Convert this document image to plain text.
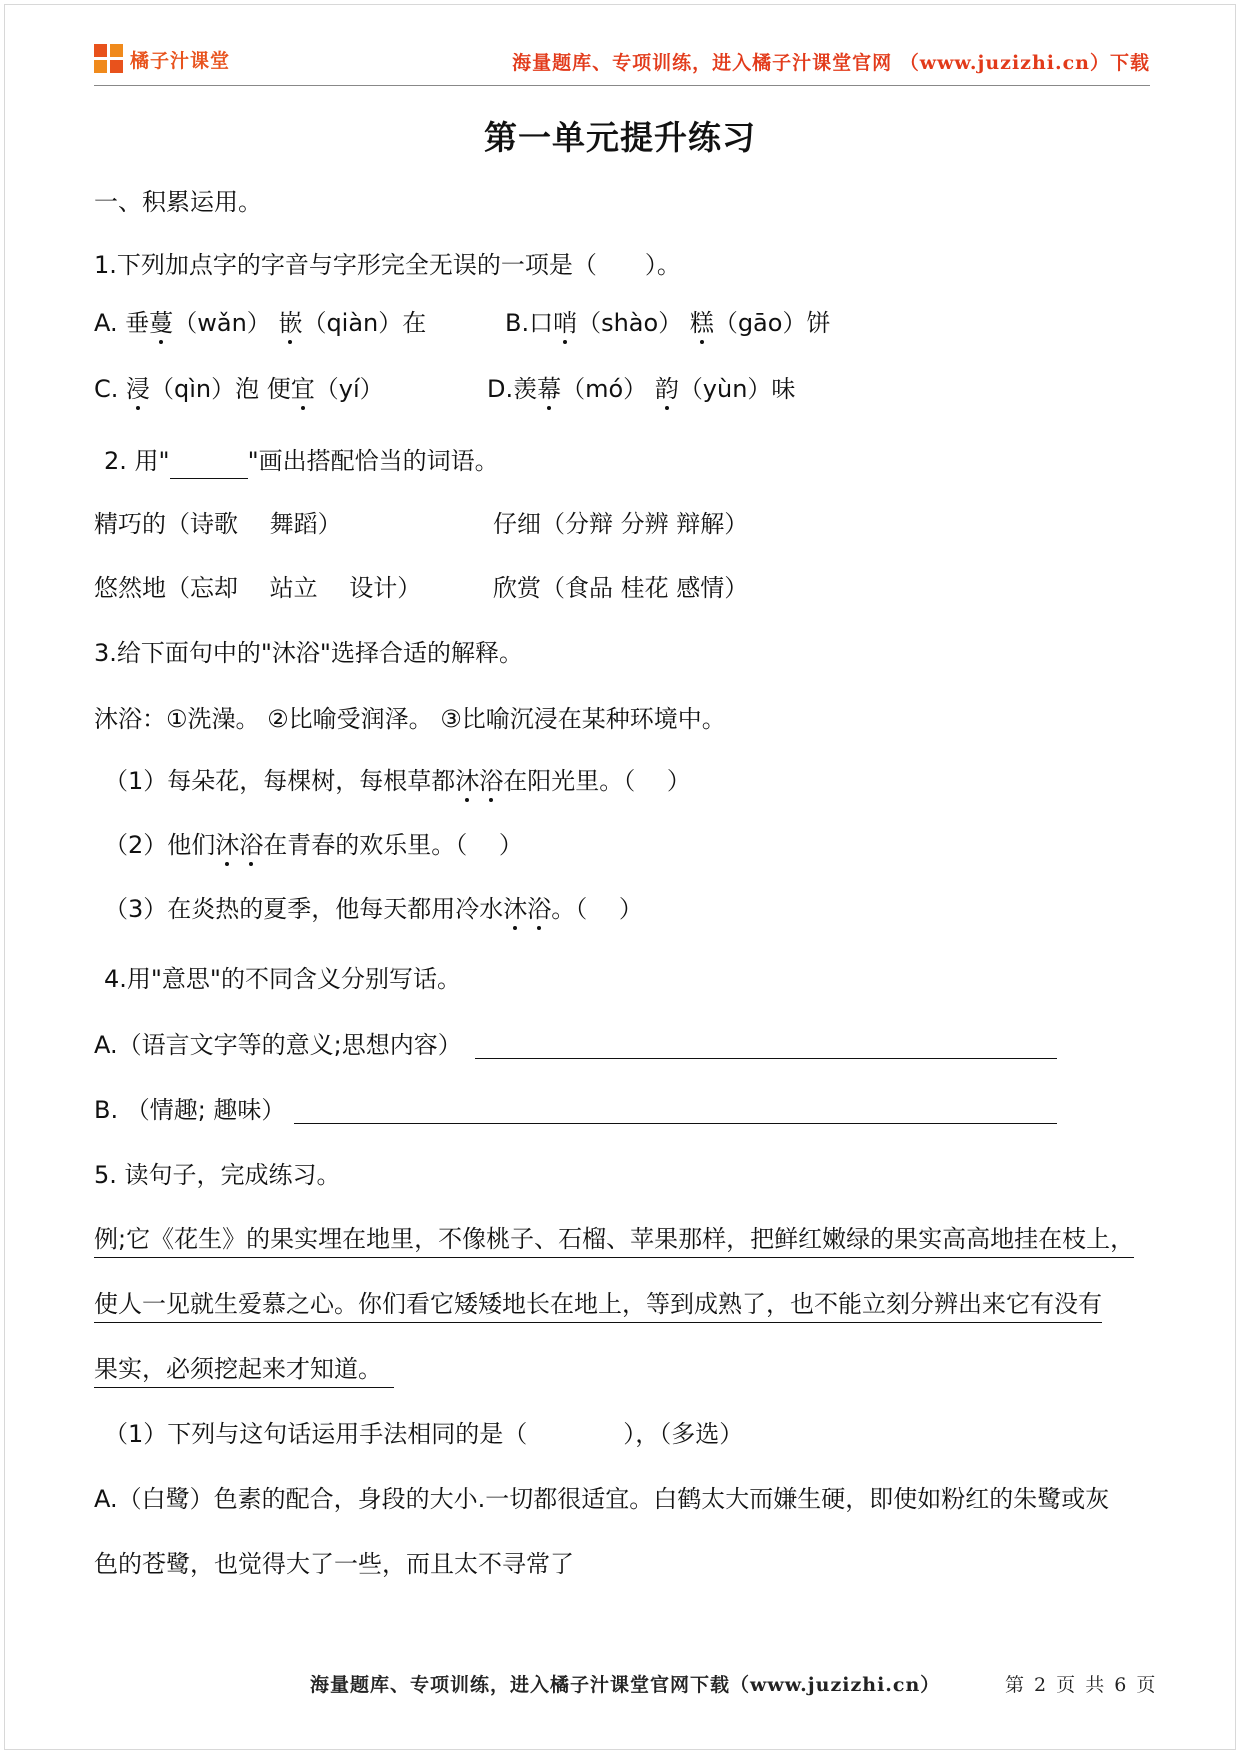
橘子汁课堂	海量题库、专项训练，进入橘子汁课堂官网 （www.juzizhi.cn）下载
第一单元提升练习
一、积累运用。
1.下列加点字的字音与字形完全无误的一项是（　　）。
A. 垂蔓（wǎn） 嵌（qiàn）在	B.口哨（shào） 糕（gāo）饼
C. 浸（qìn）泡 便宜（yí）	D.羡幕（mó） 韵（yùn）味
2. 用"	"画出搭配恰当的词语。
精巧的（诗歌　 舞蹈）	仔细（分辩 分辨 辩解）
悠然地（忘却　 站立　 设计）	欣赏（食品 桂花 感情）
3.给下面句中的"沐浴"选择合适的解释。
沐浴：①洗澡。 ②比喻受润泽。 ③比喻沉浸在某种环境中。
（1）每朵花，每棵树，每根草都沐浴在阳光里。（　 ）
（2）他们沐浴在青春的欢乐里。（　 ）
（3）在炎热的夏季，他每天都用冷水沐浴。（　 ）
4.用"意思"的不同含义分别写话。
A.（语言文字等的意义;思想内容）
B. （情趣; 趣味）
5. 读句子，完成练习。
例;它《花生》的果实埋在地里，不像桃子、石榴、苹果那样，把鲜红嫩绿的果实高高地挂在枝上，
使人一见就生爱慕之心。你们看它矮矮地长在地上，等到成熟了，也不能立刻分辨出来它有没有
果实，必须挖起来才知道。　
（1）下列与这句话运用手法相同的是（　　　　），（多选）
A.（白鹭）色素的配合，身段的大小.一切都很适宜。白鹤太大而嫌生硬，即使如粉红的朱鹭或灰
色的苍鹭，也觉得大了一些，而且太不寻常了
海量题库、专项训练，进入橘子汁课堂官网下载（www.juzizhi.cn）	第 2 页 共 6 页
